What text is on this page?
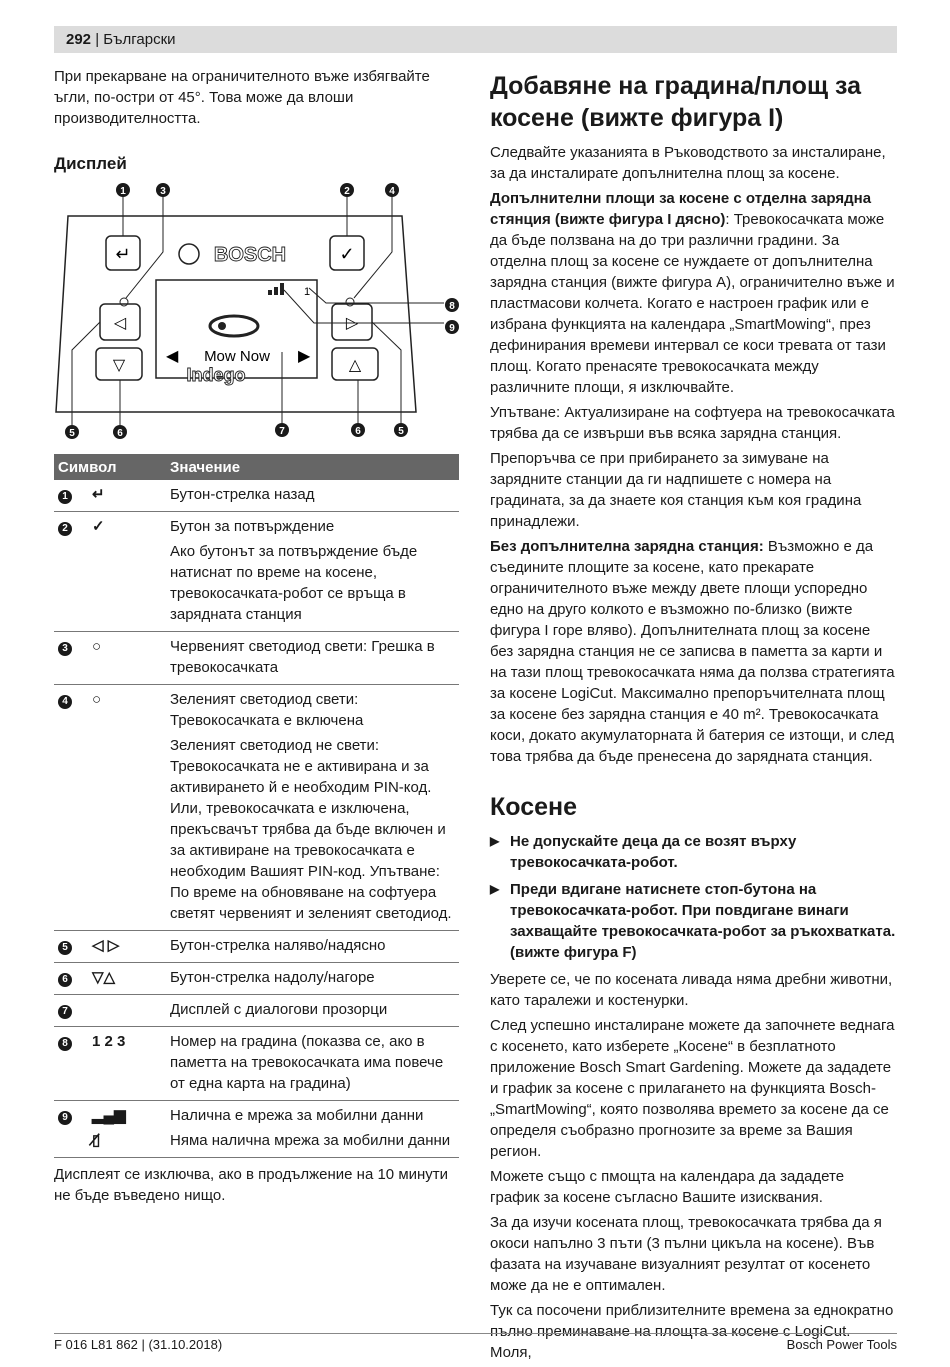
292 | Български

При прекарване на ограничителното въже избягвайте ъгли, по-остри от 45°. Това може да влоши производителността.

Дисплей
1	3	2	4
8
9
5	6	7	6	5
↵	✓
BOSCH
1
◀	▶
Mow Now
◁	▷
▽	△
Indego
Символ		Значение
1	↵	Бутон-стрелка назад
2	✓	Бутон за потвърждение
		Ако бутонът за потвърждение бъде натиснат по време на косене, тревокосачката-робот се връща в зарядната станция
3	○	Червеният светодиод свети: Грешка в тревокосачката
4	○	Зеленият светодиод свети: Тревокосачката е включена
		Зеленият светодиод не свети: Тревокосачката не е активирана и за активирането й е необходим PIN-код. Или, тревокосачката е изключена, прекъсвачът трябва да бъде включен и за активиране на тревокосачката е необходим Вашият PIN-код. Упътване: По време на обновяване на софтуера светят червеният и зеленият светодиод.
5	◁ ▷	Бутон-стрелка наляво/надясно
6	▽△	Бутон-стрелка надолу/нагоре
7		Дисплей с диалогови прозорци
8	1 2 3	Номер на градина (показва се, ако в паметта на тревокосачката има повече от една карта на градина)
9	▂▄▆	Налична е мрежа за мобилни данни
	▯̸	Няма налична мрежа за мобилни данни

Дисплеят се изключва, ако в продължение на 10 минути не бъде въведено нищо.

Добавяне на градина/площ за косене (вижте фигура I)

Следвайте указанията в Ръководството за инсталиране, за да инсталирате допълнителна площ за косене.

Допълнителни площи за косене с отделна зарядна стянция (вижте фигура I дясно): Тревокосачката може да бъде ползвана на до три различни градини. За отделна площ за косене се нуждаете от допълнителна зарядна станция (вижте фигура A), ограничително въже и пластмасови колчета. Когато е настроен график или е избрана функцията на календара „SmartMowing“, през дефинирания времеви интервал се коси тревата от тази площ. Когато пренасяте тревокосачката между различните площи, я изключвайте.

Упътване: Актуализиране на софтуера на тревокосачката трябва да се извърши във всяка зарядна станция.

Препоръчва се при прибирането за зимуване на зарядните станции да ги надпишете с номера на градината, за да знаете коя станция към коя градина принадлежи.

Без допълнителна зарядна станция: Възможно е да съедините площите за косене, като прекарате ограничителното въже между двете площи успоредно едно на друго колкото е възможно по-близко (вижте фигура I горе вляво). Допълнителната площ за косене без зарядна станция не се записва в паметта за карти и на тази площ тревокосачката няма да ползва стратегията за косене LogiCut. Максимално препоръчителната площ за косене без зарядна станция е 40 m². Тревокосачката коси, докато акумулаторната й батерия се изтощи, и след това трябва да бъде пренесена до зарядната станция.

Косене
▶ Не допускайте деца да се возят върху тревокосачката-робот.
▶ Преди вдигане натиснете стоп-бутона на тревокосачката-робот. При повдигане винаги захващайте тревокосачката-робот за ръкохватката. (вижте фигура F)

Уверете се, че по косената ливада няма дребни животни, като таралежи и костенурки.

След успешно инсталиране можете да започнете веднага с косенето, като изберете „Косене“ в безплатното приложение Bosch Smart Gardening. Можете да зададете и график за косене с прилагането на функцията Bosch-„SmartMowing“, която позволява времето за косене да се определя съобразно прогнозите за време за Вашия регион.

Можете също с пмощта на календара да зададете график за косене съгласно Вашите изисквания.

За да изучи косената площ, тревокосачката трябва да я окоси напълно 3 пъти (3 пълни цикъла на косене). Във фазата на изучаване визуалният резултат от косенето може да не е оптимален.

Тук са посочени приблизителните времена за еднократно пълно преминаване на площта за косене с LogiCut. Моля,

F 016 L81 862 | (31.10.2018)	Bosch Power Tools
